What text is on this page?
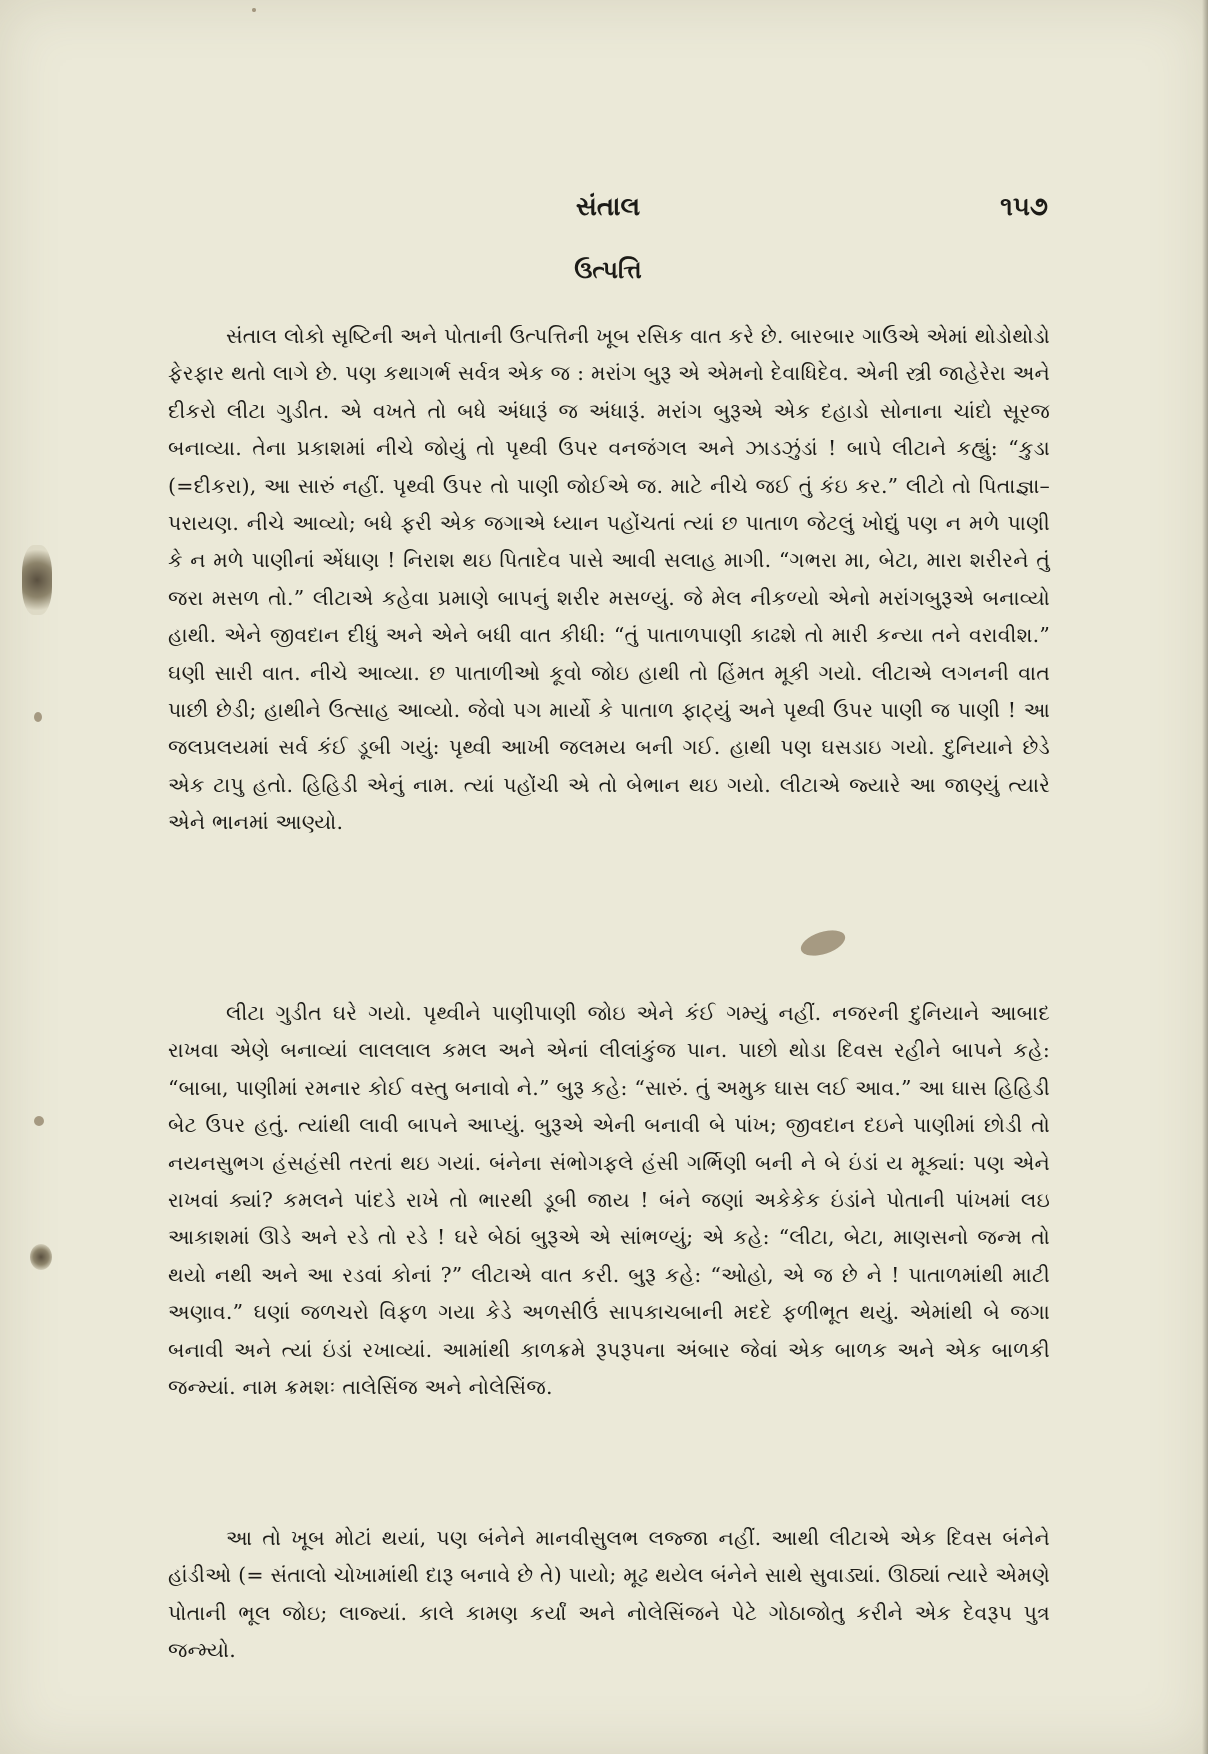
સંતાલ	૧૫૭
ઉત્પત્તિ

સંતાલ લોકો સૃષ્ટિની અને પોતાની ઉત્પત્તિની ખૂબ રસિક વાત કરે છે. બારબાર ગાઉએ એમાં થોડોથોડો ફેરફાર થતો લાગે છે. પણ કથાગર્ભ સર્વત્ર એક જ : મરાંગ બુરૂ એ એમનો દેવાધિદેવ. એની સ્ત્રી જાહેરેરા અને દીકરો લીટા ગુડીત. એ વખતે તો બધે અંધારૂં જ અંધારૂં. મરાંગ બુરૂએ એક દહાડો સોનાના ચાંદો સૂરજ બનાવ્યા. તેના પ્રકાશમાં નીચે જોયું તો પૃથ્વી ઉપર વનજંગલ અને ઝાડઝુંડાં ! બાપે લીટાને કહ્યું: “કુડા (=દીકરા), આ સારું નહીં. પૃથ્વી ઉપર તો પાણી જોઈએ જ. માટે નીચે જઈ તું કંઇ કર.” લીટો તો પિતાજ્ઞા–પરાયણ. નીચે આવ્યો; બધે ફરી એક જગાએ ધ્યાન પહોંચતાં ત્યાં છ પાતાળ જેટલું ખોદ્યું પણ ન મળે પાણી કે ન મળે પાણીનાં એંધાણ ! નિરાશ થઇ પિતાદેવ પાસે આવી સલાહ માગી. “ગભરા મા, બેટા, મારા શરીરને તું જરા મસળ તો.” લીટાએ કહેવા પ્રમાણે બાપનું શરીર મસળ્યું. જે મેલ નીકળ્યો એનો મરાંગબુરૂએ બનાવ્યો હાથી. એને જીવદાન દીધું અને એને બધી વાત કીધી: “તું પાતાળપાણી કાઢશે તો મારી કન્યા તને વરાવીશ.” ઘણી સારી વાત. નીચે આવ્યા. છ પાતાળીઓ કૂવો જોઇ હાથી તો હિંમત મૂકી ગયો. લીટાએ લગનની વાત પાછી છેડી; હાથીને ઉત્સાહ આવ્યો. જેવો પગ માર્યો કે પાતાળ ફાટ્યું અને પૃથ્વી ઉપર પાણી જ પાણી ! આ જલપ્રલયમાં સર્વ કંઈ ડૂબી ગયું: પૃથ્વી આખી જલમય બની ગઈ. હાથી પણ ઘસડાઇ ગયો. દુનિયાને છેડે એક ટાપુ હતો. હિહિડી એનું નામ. ત્યાં પહોંચી એ તો બેભાન થઇ ગયો. લીટાએ જ્યારે આ જાણ્યું ત્યારે એને ભાનમાં આણ્યો.

લીટા ગુડીત ઘરે ગયો. પૃથ્વીને પાણીપાણી જોઇ એને કંઈ ગમ્યું નહીં. નજરની દુનિયાને આબાદ રાખવા એણે બનાવ્યાં લાલલાલ કમલ અને એનાં લીલાંકુંજ પાન. પાછો થોડા દિવસ રહીને બાપને કહે: “બાબા, પાણીમાં રમનાર કોઈ વસ્તુ બનાવો ને.” બુરૂ કહે: “સારું. તું અમુક ઘાસ લઈ આવ.” આ ઘાસ હિહિડી બેટ ઉપર હતું. ત્યાંથી લાવી બાપને આપ્યું. બુરૂએ એની બનાવી બે પાંખ; જીવદાન દઇને પાણીમાં છોડી તો નયનસુભગ હંસહંસી તરતાં થઇ ગયાં. બંનેના સંભોગફલે હંસી ગર્ભિણી બની ને બે ઇંડાં ય મૂક્યાં: પણ એને રાખવાં ક્યાં? કમલને પાંદડે રાખે તો ભારથી ડૂબી જાય ! બંને જણાં અકેકેક ઇંડાંને પોતાની પાંખમાં લઇ આકાશમાં ઊડે અને રડે તો રડે ! ઘરે બેઠાં બુરૂએ એ સાંભળ્યું; એ કહે: “લીટા, બેટા, માણસનો જન્મ તો થયો નથી અને આ રડવાં કોનાં ?” લીટાએ વાત કરી. બુરૂ કહે: “ઓહો, એ જ છે ને ! પાતાળમાંથી માટી અણાવ.” ઘણાં જળચરો વિફળ ગયા કેડે અળસીઉં સાપકાચબાની મદદે ફળીભૂત થયું. એમાંથી બે જગા બનાવી અને ત્યાં ઇંડાં રખાવ્યાં. આમાંથી કાળક્રમે રૂપરૂપના અંબાર જેવાં એક બાળક અને એક બાળકી જન્મ્યાં. નામ ક્રમશઃ તાલેસિંજ અને નોલેસિંજ.

આ તો ખૂબ મોટાં થયાં, પણ બંનેને માનવીસુલભ લજ્જા નહીં. આથી લીટાએ એક દિવસ બંનેને હાંડીઓ (= સંતાલો ચોખામાંથી દારૂ બનાવે છે તે) પાયો; મૂઢ થયેલ બંનેને સાથે સુવાડ્યાં. ઊઠ્યાં ત્યારે એમણે પોતાની ભૂલ જોઇ; લાજ્યાં. કાલે કામણ કર્યાં અને નોલેસિંજને પેટે ગોઠાજોતુ કરીને એક દેવરૂપ પુત્ર જન્મ્યો.
